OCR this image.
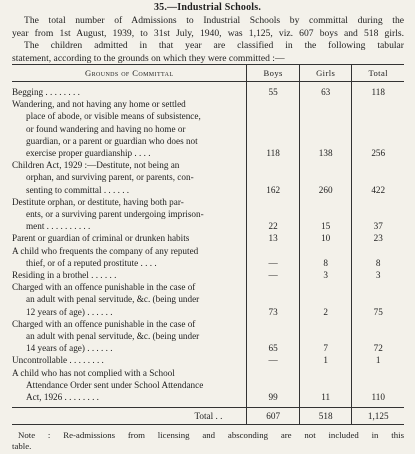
35.—Industrial Schools.
The total number of Admissions to Industrial Schools by committal during the
year from 1st August, 1939, to 31st July, 1940, was 1,125, viz. 607 boys and 518 girls.
The children admitted in that year are classified in the following tabular
statement, according to the grounds on which they were committed :—
Grounds of Committal	Boys	Girls	Total

Begging . . . . . . . .	55	63	118

Wandering, and not having any home or settled
place of abode, or visible means of subsistence,
or found wandering and having no home or
guardian, or a parent or guardian who does not
exercise proper guardianship . . . .	118	138	256

Children Act, 1929 :—Destitute, not being an
orphan, and surviving parent, or parents, con-
senting to committal . . . . . .	162	260	422

Destitute orphan, or destitute, having both par-
ents, or a surviving parent undergoing imprison-
ment . . . . . . . . . .	22	15	37

Parent or guardian of criminal or drunken habits	13	10	23

A child who frequents the company of any reputed
thief, or of a reputed prostitute . . . .	—	8	8

Residing in a brothel . . . . . .	—	3	3

Charged with an offence punishable in the case of
an adult with penal servitude, &c. (being under
12 years of age) . . . . . .	73	2	75

Charged with an offence punishable in the case of
an adult with penal servitude, &c. (being under
14 years of age) . . . . . .	65	7	72

Uncontrollable . . . . . . . .	—	1	1

A child who has not complied with a School
Attendance Order sent under School Attendance
Act, 1926 . . . . . . . .	99	11	110

Total . .	607	518	1,125
Note : Re-admissions from licensing and absconding are not included in this
table.
